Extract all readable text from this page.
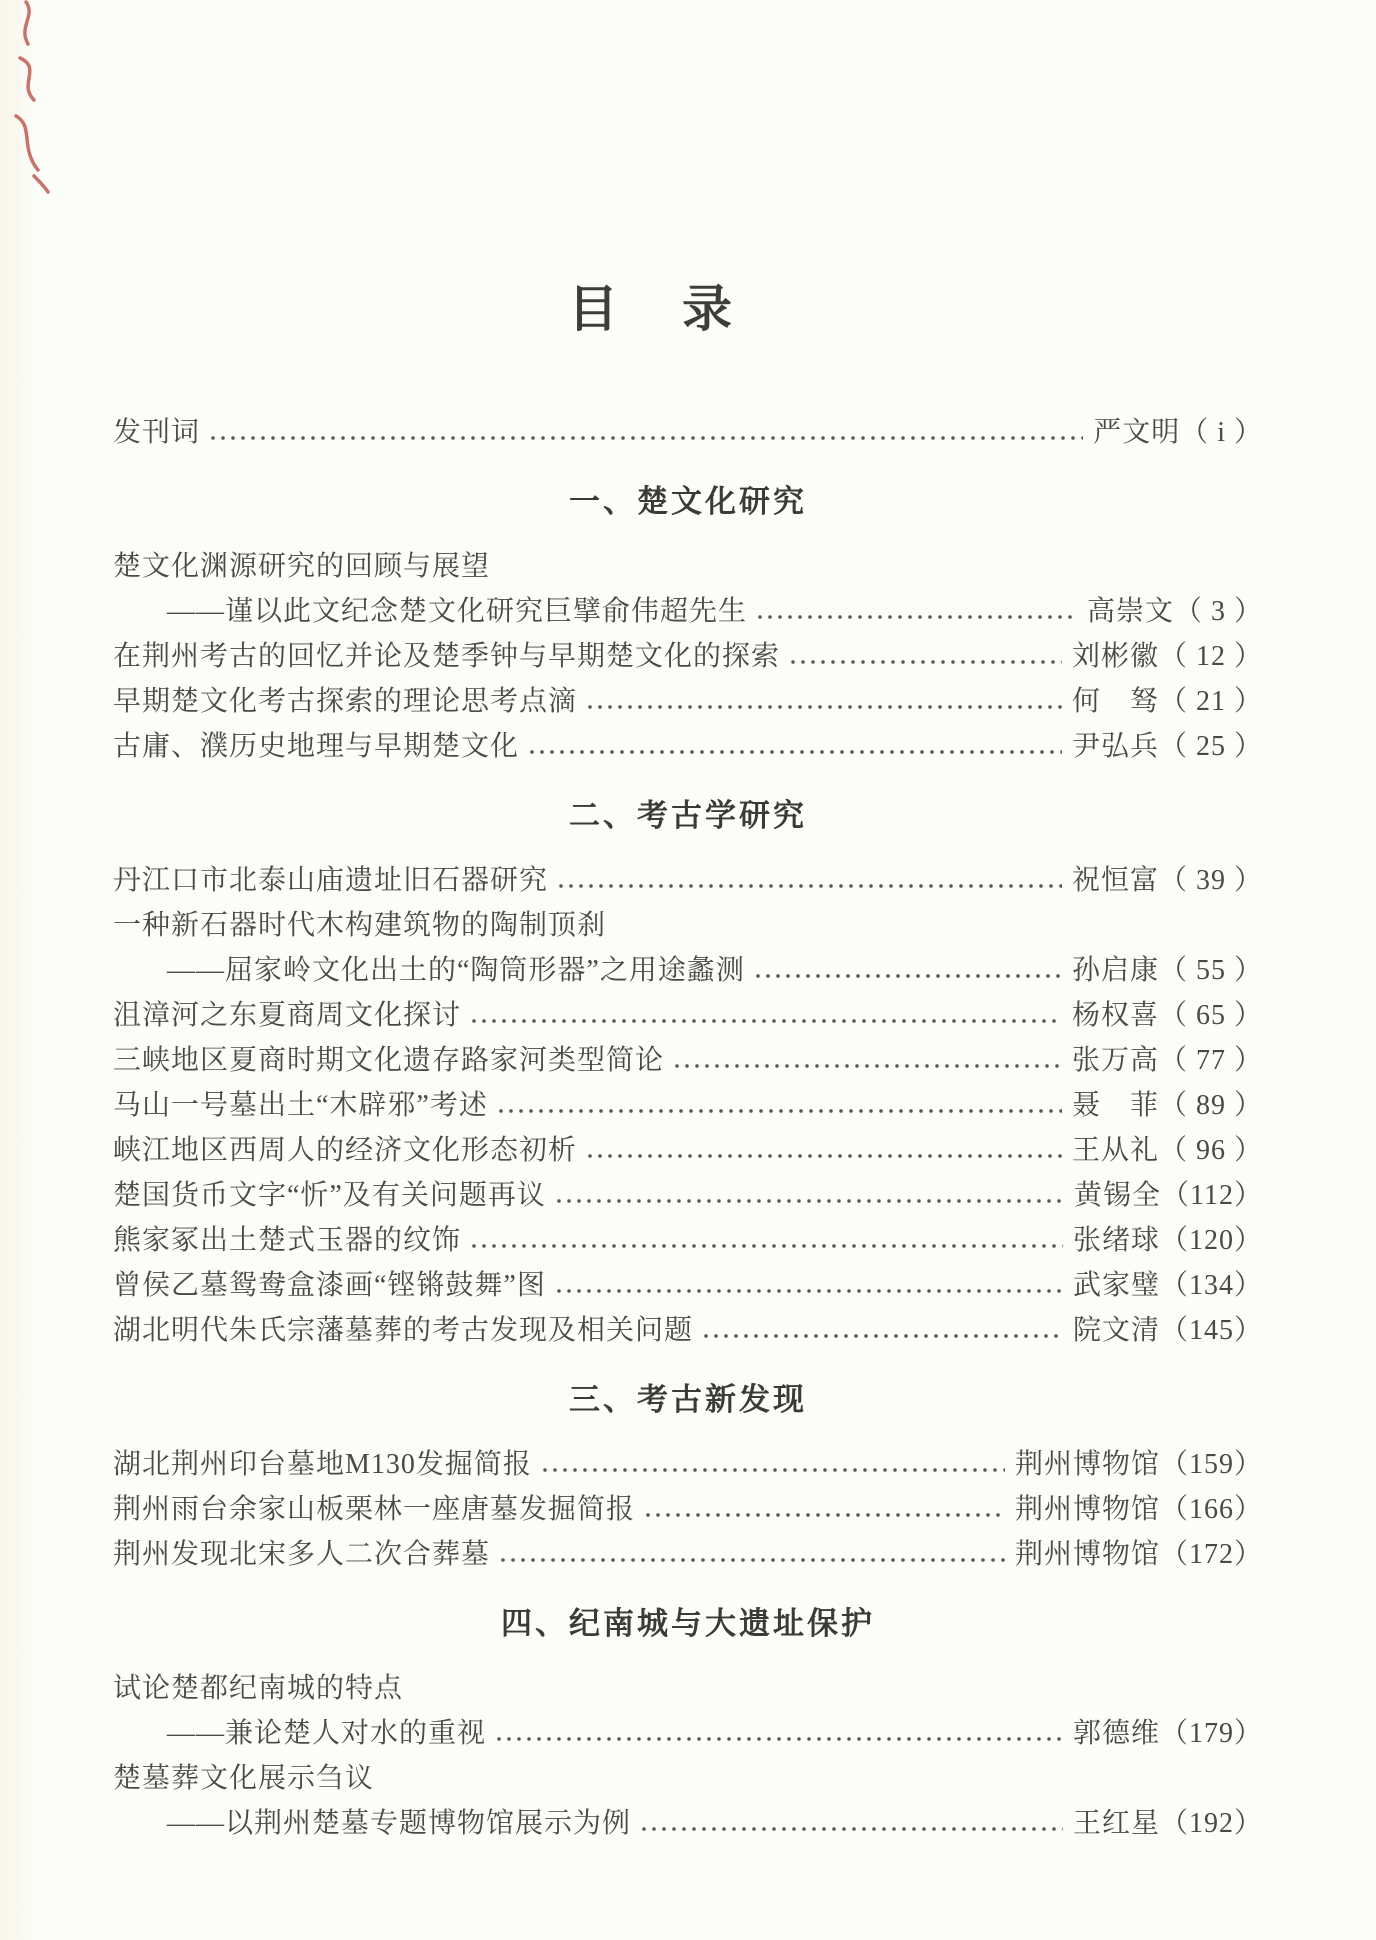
目 录
发刊词	严文明 （ i ）
一、楚文化研究
楚文化渊源研究的回顾与展望
——谨以此文纪念楚文化研究巨擘俞伟超先生	高崇文 （ 3 ）
在荆州考古的回忆并论及楚季钟与早期楚文化的探索	刘彬徽 （ 12 ）
早期楚文化考古探索的理论思考点滴	何　驽 （ 21 ）
古庸、濮历史地理与早期楚文化	尹弘兵 （ 25 ）
二、考古学研究
丹江口市北泰山庙遗址旧石器研究	祝恒富 （ 39 ）
一种新石器时代木构建筑物的陶制顶刹
——屈家岭文化出土的“陶筒形器”之用途蠡测	孙启康 （ 55 ）
沮漳河之东夏商周文化探讨	杨权喜 （ 65 ）
三峡地区夏商时期文化遗存路家河类型简论	张万高 （ 77 ）
马山一号墓出土“木辟邪”考述	聂　菲 （ 89 ）
峡江地区西周人的经济文化形态初析	王从礼 （ 96 ）
楚国货币文字“忻”及有关问题再议	黄锡全 （112）
熊家冢出土楚式玉器的纹饰	张绪球 （120）
曾侯乙墓鸳鸯盒漆画“铿锵鼓舞”图	武家璧 （134）
湖北明代朱氏宗藩墓葬的考古发现及相关问题	院文清 （145）
三、考古新发现
湖北荆州印台墓地M130发掘简报	荆州博物馆 （159）
荆州雨台余家山板栗林一座唐墓发掘简报	荆州博物馆 （166）
荆州发现北宋多人二次合葬墓	荆州博物馆 （172）
四、纪南城与大遗址保护
试论楚都纪南城的特点
——兼论楚人对水的重视	郭德维 （179）
楚墓葬文化展示刍议
——以荆州楚墓专题博物馆展示为例	王红星 （192）
